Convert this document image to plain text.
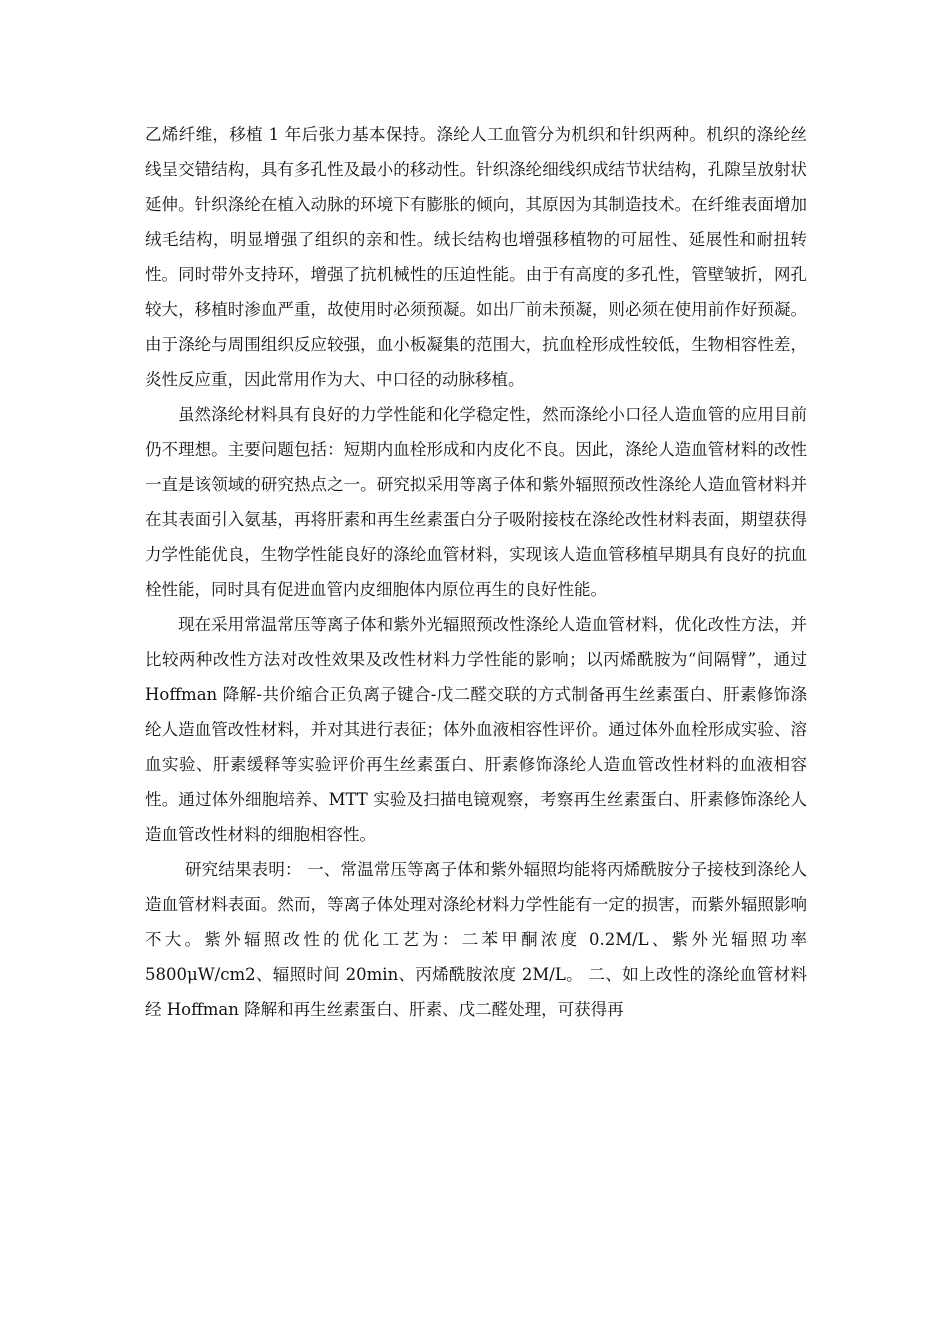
乙烯纤维，移植 1 年后张力基本保持。涤纶人工血管分为机织和针织两种。机织的涤纶丝线呈交错结构，具有多孔性及最小的移动性。针织涤纶细线织成结节状结构，孔隙呈放射状延伸。针织涤纶在植入动脉的环境下有膨胀的倾向，其原因为其制造技术。在纤维表面增加绒毛结构，明显增强了组织的亲和性。绒长结构也增强移植物的可屈性、延展性和耐扭转性。同时带外支持环，增强了抗机械性的压迫性能。由于有高度的多孔性，管壁皱折，网孔较大，移植时渗血严重，故使用时必须预凝。如出厂前未预凝，则必须在使用前作好预凝。由于涤纶与周围组织反应较强，血小板凝集的范围大，抗血栓形成性较低，生物相容性差，炎性反应重，因此常用作为大、中口径的动脉移植。

虽然涤纶材料具有良好的力学性能和化学稳定性，然而涤纶小口径人造血管的应用目前仍不理想。主要问题包括：短期内血栓形成和内皮化不良。因此，涤纶人造血管材料的改性一直是该领域的研究热点之一。研究拟采用等离子体和紫外辐照预改性涤纶人造血管材料并在其表面引入氨基，再将肝素和再生丝素蛋白分子吸附接枝在涤纶改性材料表面，期望获得力学性能优良，生物学性能良好的涤纶血管材料，实现该人造血管移植早期具有良好的抗血栓性能，同时具有促进血管内皮细胞体内原位再生的良好性能。

现在采用常温常压等离子体和紫外光辐照预改性涤纶人造血管材料，优化改性方法，并比较两种改性方法对改性效果及改性材料力学性能的影响；以丙烯酰胺为“间隔臂”，通过 Hoffman 降解-共价缩合正负离子键合-戊二醛交联的方式制备再生丝素蛋白、肝素修饰涤纶人造血管改性材料，并对其进行表征；体外血液相容性评价。通过体外血栓形成实验、溶血实验、肝素缓释等实验评价再生丝素蛋白、肝素修饰涤纶人造血管改性材料的血液相容性。通过体外细胞培养、MTT 实验及扫描电镜观察，考察再生丝素蛋白、肝素修饰涤纶人造血管改性材料的细胞相容性。

研究结果表明： 一、常温常压等离子体和紫外辐照均能将丙烯酰胺分子接枝到涤纶人造血管材料表面。然而，等离子体处理对涤纶材料力学性能有一定的损害，而紫外辐照影响不大。紫外辐照改性的优化工艺为：二苯甲酮浓度 0.2M/L、紫外光辐照功率 5800μW/cm2、辐照时间 20min、丙烯酰胺浓度 2M/L。 二、如上改性的涤纶血管材料经 Hoffman 降解和再生丝素蛋白、肝素、戊二醛处理，可获得再
